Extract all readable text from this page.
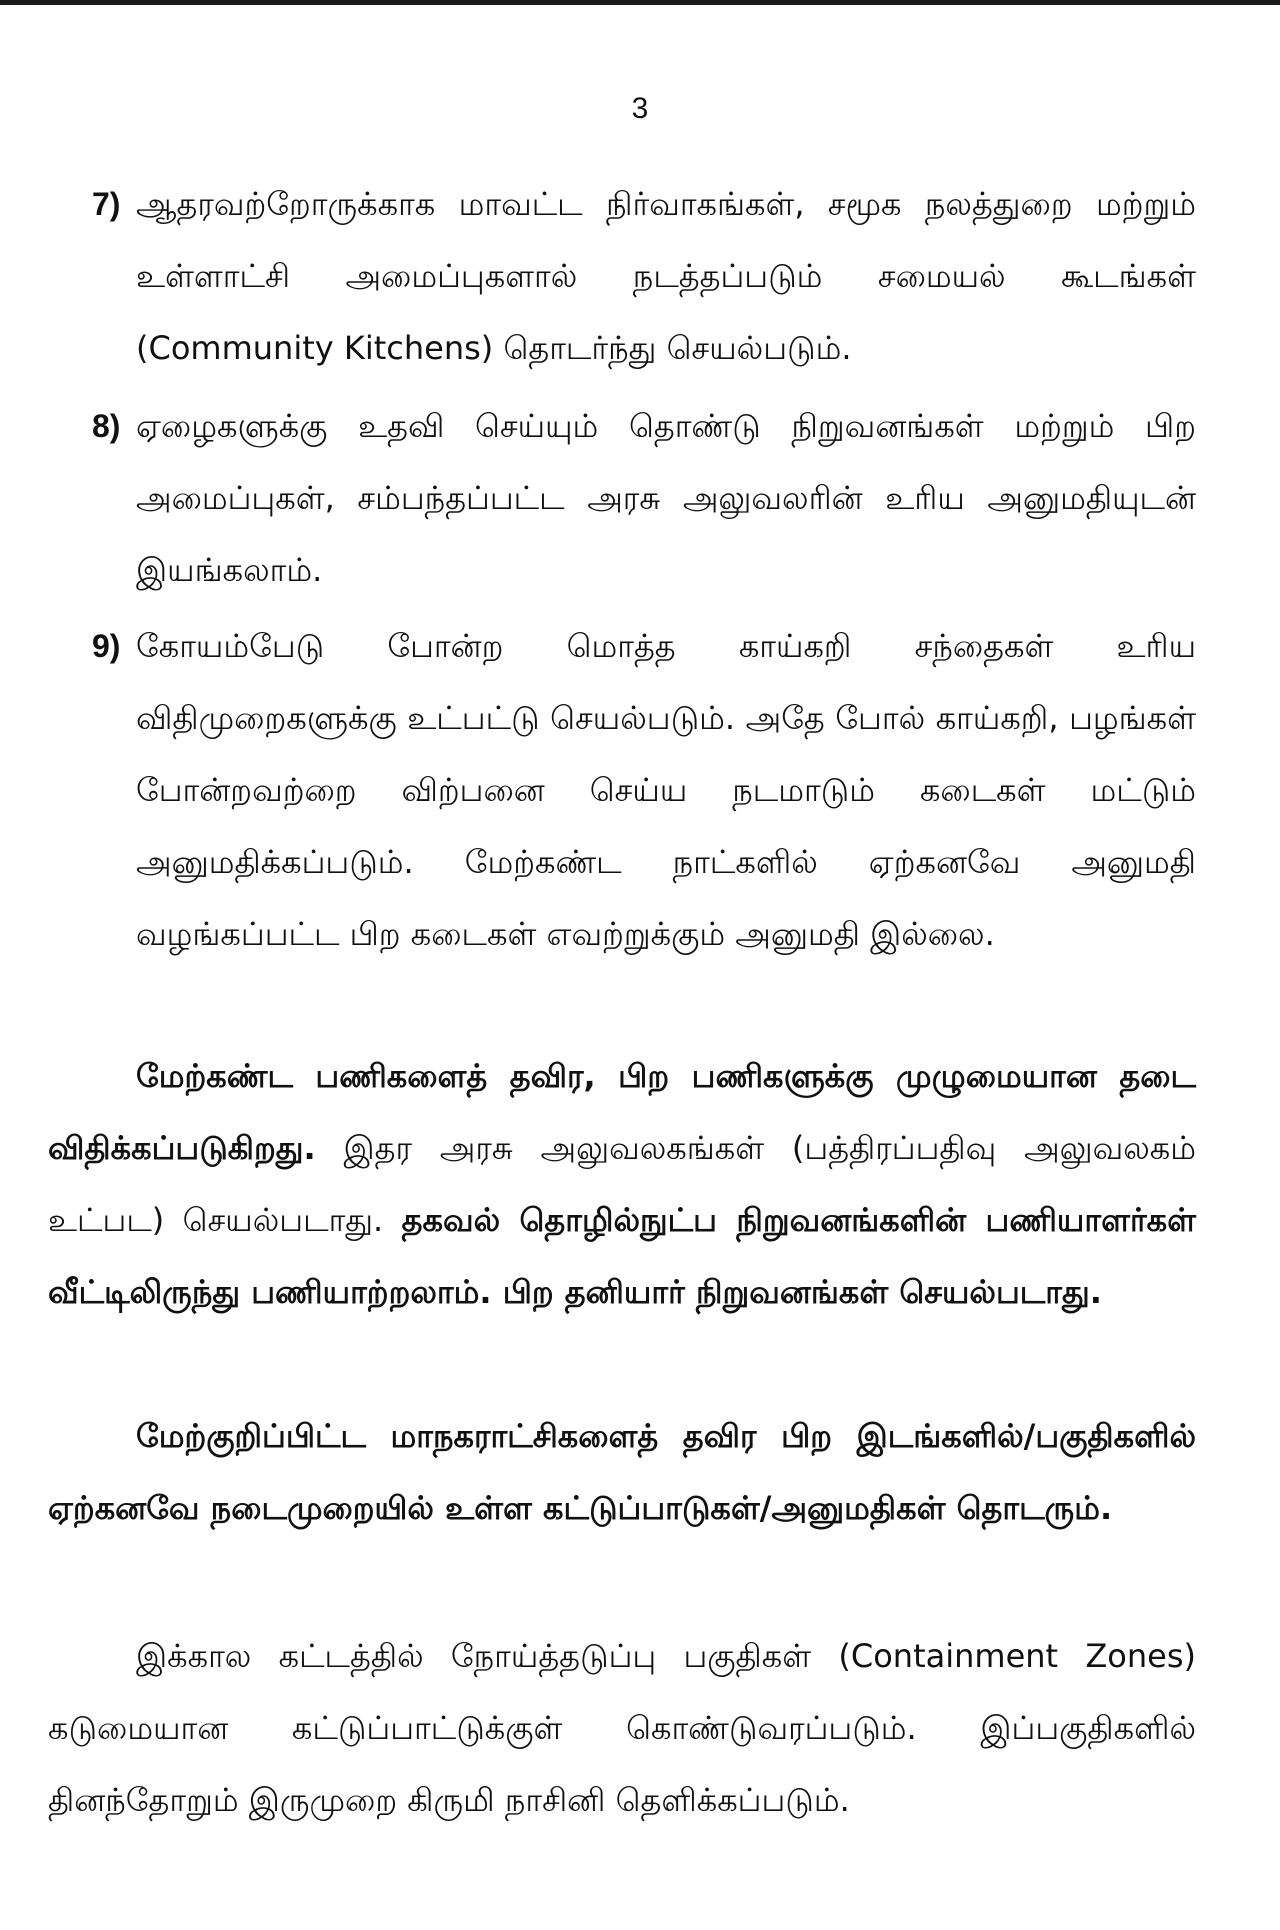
3
7) ஆதரவற்றோருக்காக மாவட்ட நிர்வாகங்கள், சமூக நலத்துறை மற்றும் உள்ளாட்சி அமைப்புகளால் நடத்தப்படும் சமையல் கூடங்கள் (Community Kitchens) தொடர்ந்து செயல்படும்.
8) ஏழைகளுக்கு உதவி செய்யும் தொண்டு நிறுவனங்கள் மற்றும் பிற அமைப்புகள், சம்பந்தப்பட்ட அரசு அலுவலரின் உரிய அனுமதியுடன் இயங்கலாம்.
9) கோயம்பேடு போன்ற மொத்த காய்கறி சந்தைகள் உரிய விதிமுறைகளுக்கு உட்பட்டு செயல்படும். அதே போல் காய்கறி, பழங்கள் போன்றவற்றை விற்பனை செய்ய நடமாடும் கடைகள் மட்டும் அனுமதிக்கப்படும். மேற்கண்ட நாட்களில் ஏற்கனவே அனுமதி வழங்கப்பட்ட பிற கடைகள் எவற்றுக்கும் அனுமதி இல்லை.
மேற்கண்ட பணிகளைத் தவிர, பிற பணிகளுக்கு முழுமையான தடை விதிக்கப்படுகிறது. இதர அரசு அலுவலகங்கள் (பத்திரப்பதிவு அலுவலகம் உட்பட) செயல்படாது. தகவல் தொழில்நுட்ப நிறுவனங்களின் பணியாளர்கள் வீட்டிலிருந்து பணியாற்றலாம். பிற தனியார் நிறுவனங்கள் செயல்படாது.
மேற்குறிப்பிட்ட மாநகராட்சிகளைத் தவிர பிற இடங்களில்/பகுதிகளில் ஏற்கனவே நடைமுறையில் உள்ள கட்டுப்பாடுகள்/அனுமதிகள் தொடரும்.
இக்கால கட்டத்தில் நோய்த்தடுப்பு பகுதிகள் (Containment Zones) கடுமையான கட்டுப்பாட்டுக்குள் கொண்டுவரப்படும். இப்பகுதிகளில் தினந்தோறும் இருமுறை கிருமி நாசினி தெளிக்கப்படும்.
